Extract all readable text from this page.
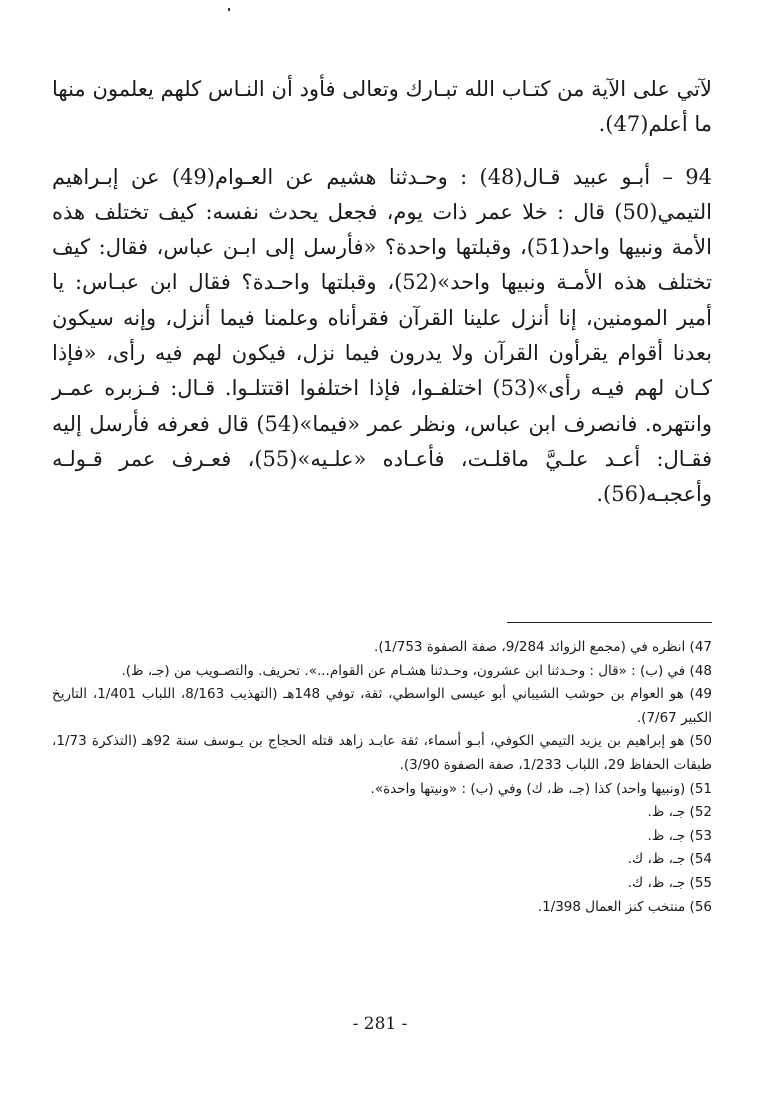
لآتي على الآية من كتـاب الله تبـارك وتعالى فأود أن النـاس كلهم يعلمون منها ما أعلم(47).

94 – أبـو عبيد قـال(48) : وحـدثنا هشيم عن العـوام(49) عن إبـراهيم التيمي(50) قال : خلا عمر ذات يوم، فجعل يحدث نفسه: كيف تختلف هذه الأمة ونبيها واحد(51)، وقبلتها واحدة؟ «فأرسل إلى ابـن عباس، فقال: كيف تختلف هذه الأمـة ونبيها واحد»(52)، وقبلتها واحـدة؟ فقال ابن عبـاس: يا أمير المومنين، إنا أنزل علينا القرآن فقرأناه وعلمنا فيما أنزل، وإنه سيكون بعدنا أقوام يقرأون القرآن ولا يدرون فيما نزل، فيكون لهم فيه رأى، «فإذا كـان لهم فيـه رأى»(53) اختلفـوا، فإذا اختلفوا اقتتلـوا. قـال: فـزبره عمـر وانتهره. فانصرف ابن عباس، ونظر عمر «فيما»(54) قال فعرفه فأرسل إليه فقـال: أعـد علـيَّ ماقلـت، فأعـاده «علـيه»(55)، فعـرف عمر قـولـه وأعجبـه(56).

47) انظره في (مجمع الزوائد 9/284، صفة الصفوة 1/753).

48) في (ب) : «قال : وحـدثنا ابن عشرون، وحـدثنا هشـام عن القوام...». تحريف. والتصـويب من (جـ، ظ).

49) هو العوام بن حوشب الشيباني أبو عيسى الواسطي، ثقة، توفي 148هـ (التهذيب 8/163، اللباب 1/401، التاريخ الكبير 7/67).

50) هو إبراهيم بن يزيد التيمي الكوفي، أبـو أسماء، ثقة عابـد زاهد قتله الحجاج بن يـوسف سنة 92هـ (التذكرة 1/73، طبقات الحفاظ 29، اللباب 1/233، صفة الصفوة 3/90).

51) (ونبيها واحد) كذا (جـ، ظ، ك) وفي (ب) : «ونيتها واحدة».

52) جـ، ظ.

53) جـ، ظ.

54) جـ، ظ، ك.

55) جـ، ظ، ك.

56) منتخب كنز العمال 1/398.

- 281 -
